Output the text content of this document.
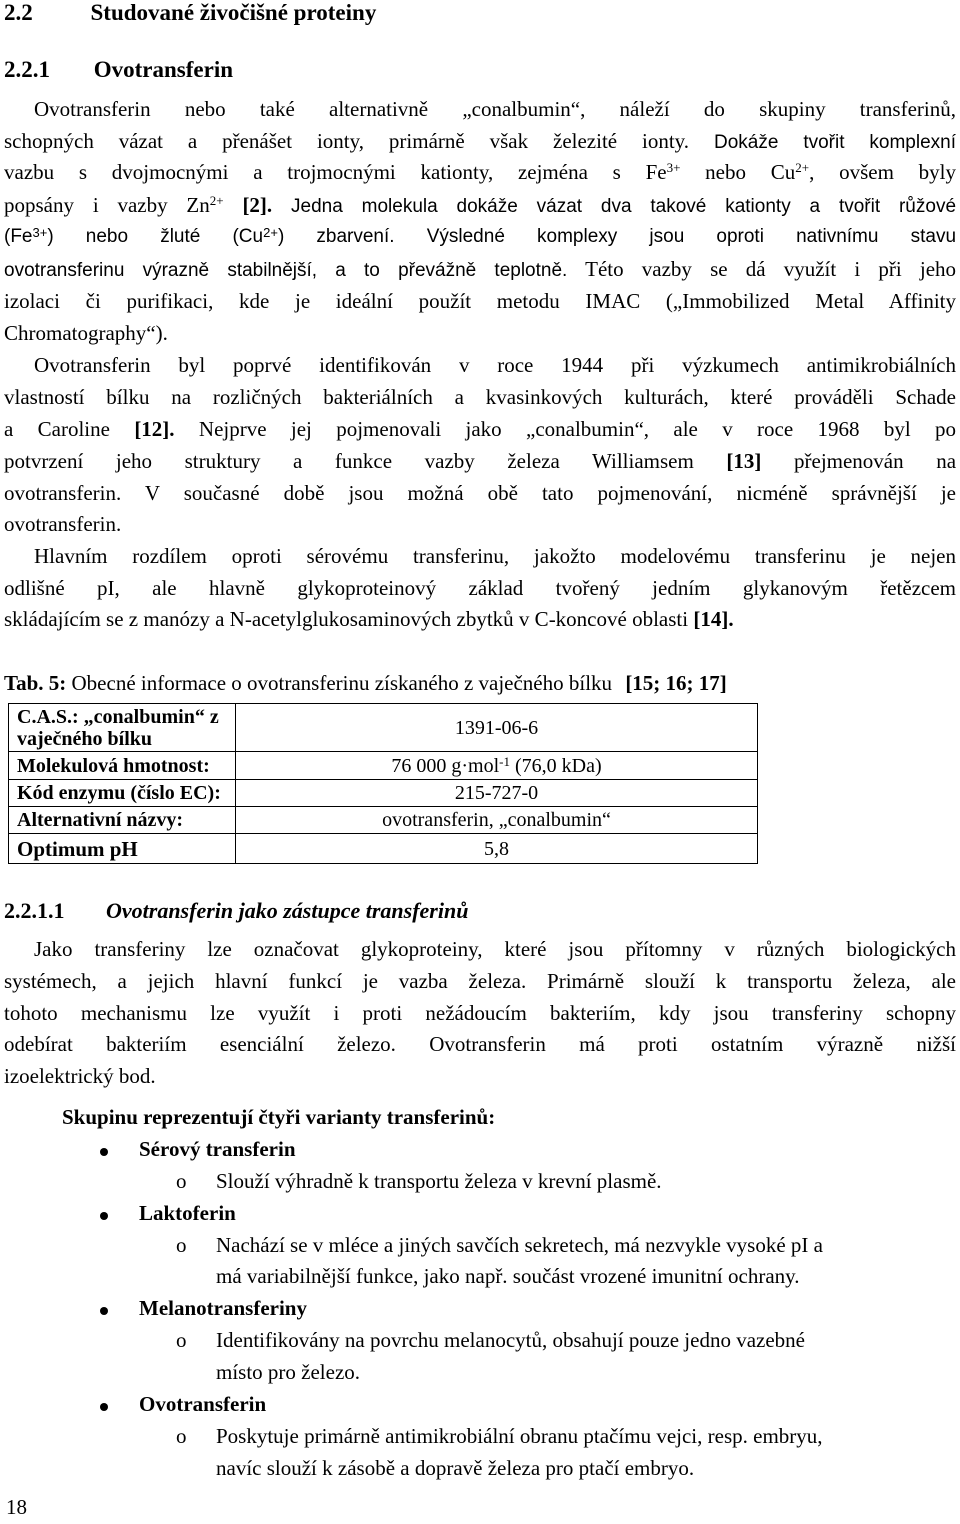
2.2	Studované živočišné proteiny
2.2.1 Ovotransferin
Ovotransferin nebo také alternativně „conalbumin“, náleží do skupiny transferinů,
schopných vázat a přenášet ionty, primárně však železité ionty. Dokáže tvořit komplexní
vazbu s dvojmocnými a trojmocnými kationty, zejména s $Fe^{3+}$ nebo $Cu^{2+}$, ovšem byly
popsány i vazby $Zn^{2+}$ [2]. Jedna molekula dokáže vázat dva takové kationty a tvořit růžové
$(Fe^{3+})$ nebo žluté $(Cu^{2+})$ zbarvení. Výsledné komplexy jsou oproti nativnímu stavu
ovotransferinu výrazně stabilnější, a to převážně teplotně. Této vazby se dá využít i při jeho
izolaci či purifikaci, kde je ideální použít metodu IMAC („Immobilized Metal Affinity
Chromatography“).
Ovotransferin byl poprvé identifikován v roce 1944 při výzkumech antimikrobiálních
vlastností bílku na rozličných bakteriálních a kvasinkových kulturách, které prováděli Schade
a Caroline [12]. Nejprve jej pojmenovali jako „conalbumin“, ale v roce 1968 byl po
potvrzení jeho struktury a funkce vazby železa Williamsem [13] přejmenován na
ovotransferin. V současné době jsou možná obě tato pojmenování, nicméně správnější je
ovotransferin.
Hlavním rozdílem oproti sérovému transferinu, jakožto modelovému transferinu je nejen
odlišné pI, ale hlavně glykoproteinový základ tvořený jedním glykanovým řetězcem
skládajícím se z manózy a N-acetylglukosaminových zbytků v C-koncové oblasti [14].
Tab. 5: Obecné informace o ovotransferinu získaného z vaječného bílku [15; 16; 17]
C.A.S.: „conalbumin“ z vaječného bílku	1391-06-6
Molekulová hmotnost:	76 000 g·mol$^{-1}$ (76,0 kDa)
Kód enzymu (číslo EC):	215-727-0
Alternativní názvy:	ovotransferin, „conalbumin“
Optimum pH	5,8
2.2.1.1 Ovotransferin jako zástupce transferinů
Jako transferiny lze označovat glykoproteiny, které jsou přítomny v různých biologických
systémech, a jejich hlavní funkcí je vazba železa. Primárně slouží k transportu železa, ale
tohoto mechanismu lze využít i proti nežádoucím bakteriím, kdy jsou transferiny schopny
odebírat bakteriím esenciální železo. Ovotransferin má proti ostatním výrazně nižší
izoelektrický bod.
Skupinu reprezentují čtyři varianty transferinů:
Sérový transferin
o Slouží výhradně k transportu železa v krevní plasmě.
Laktoferin
o Nachází se v mléce a jiných savčích sekretech, má nezvykle vysoké pI a
má variabilnější funkce, jako např. součást vrozené imunitní ochrany.
Melanotransferiny
o Identifikovány na povrchu melanocytů, obsahují pouze jedno vazebné
místo pro železo.
Ovotransferin
o Poskytuje primárně antimikrobiální obranu ptačímu vejci, resp. embryu,
navíc slouží k zásobě a dopravě železa pro ptačí embryo.
18
